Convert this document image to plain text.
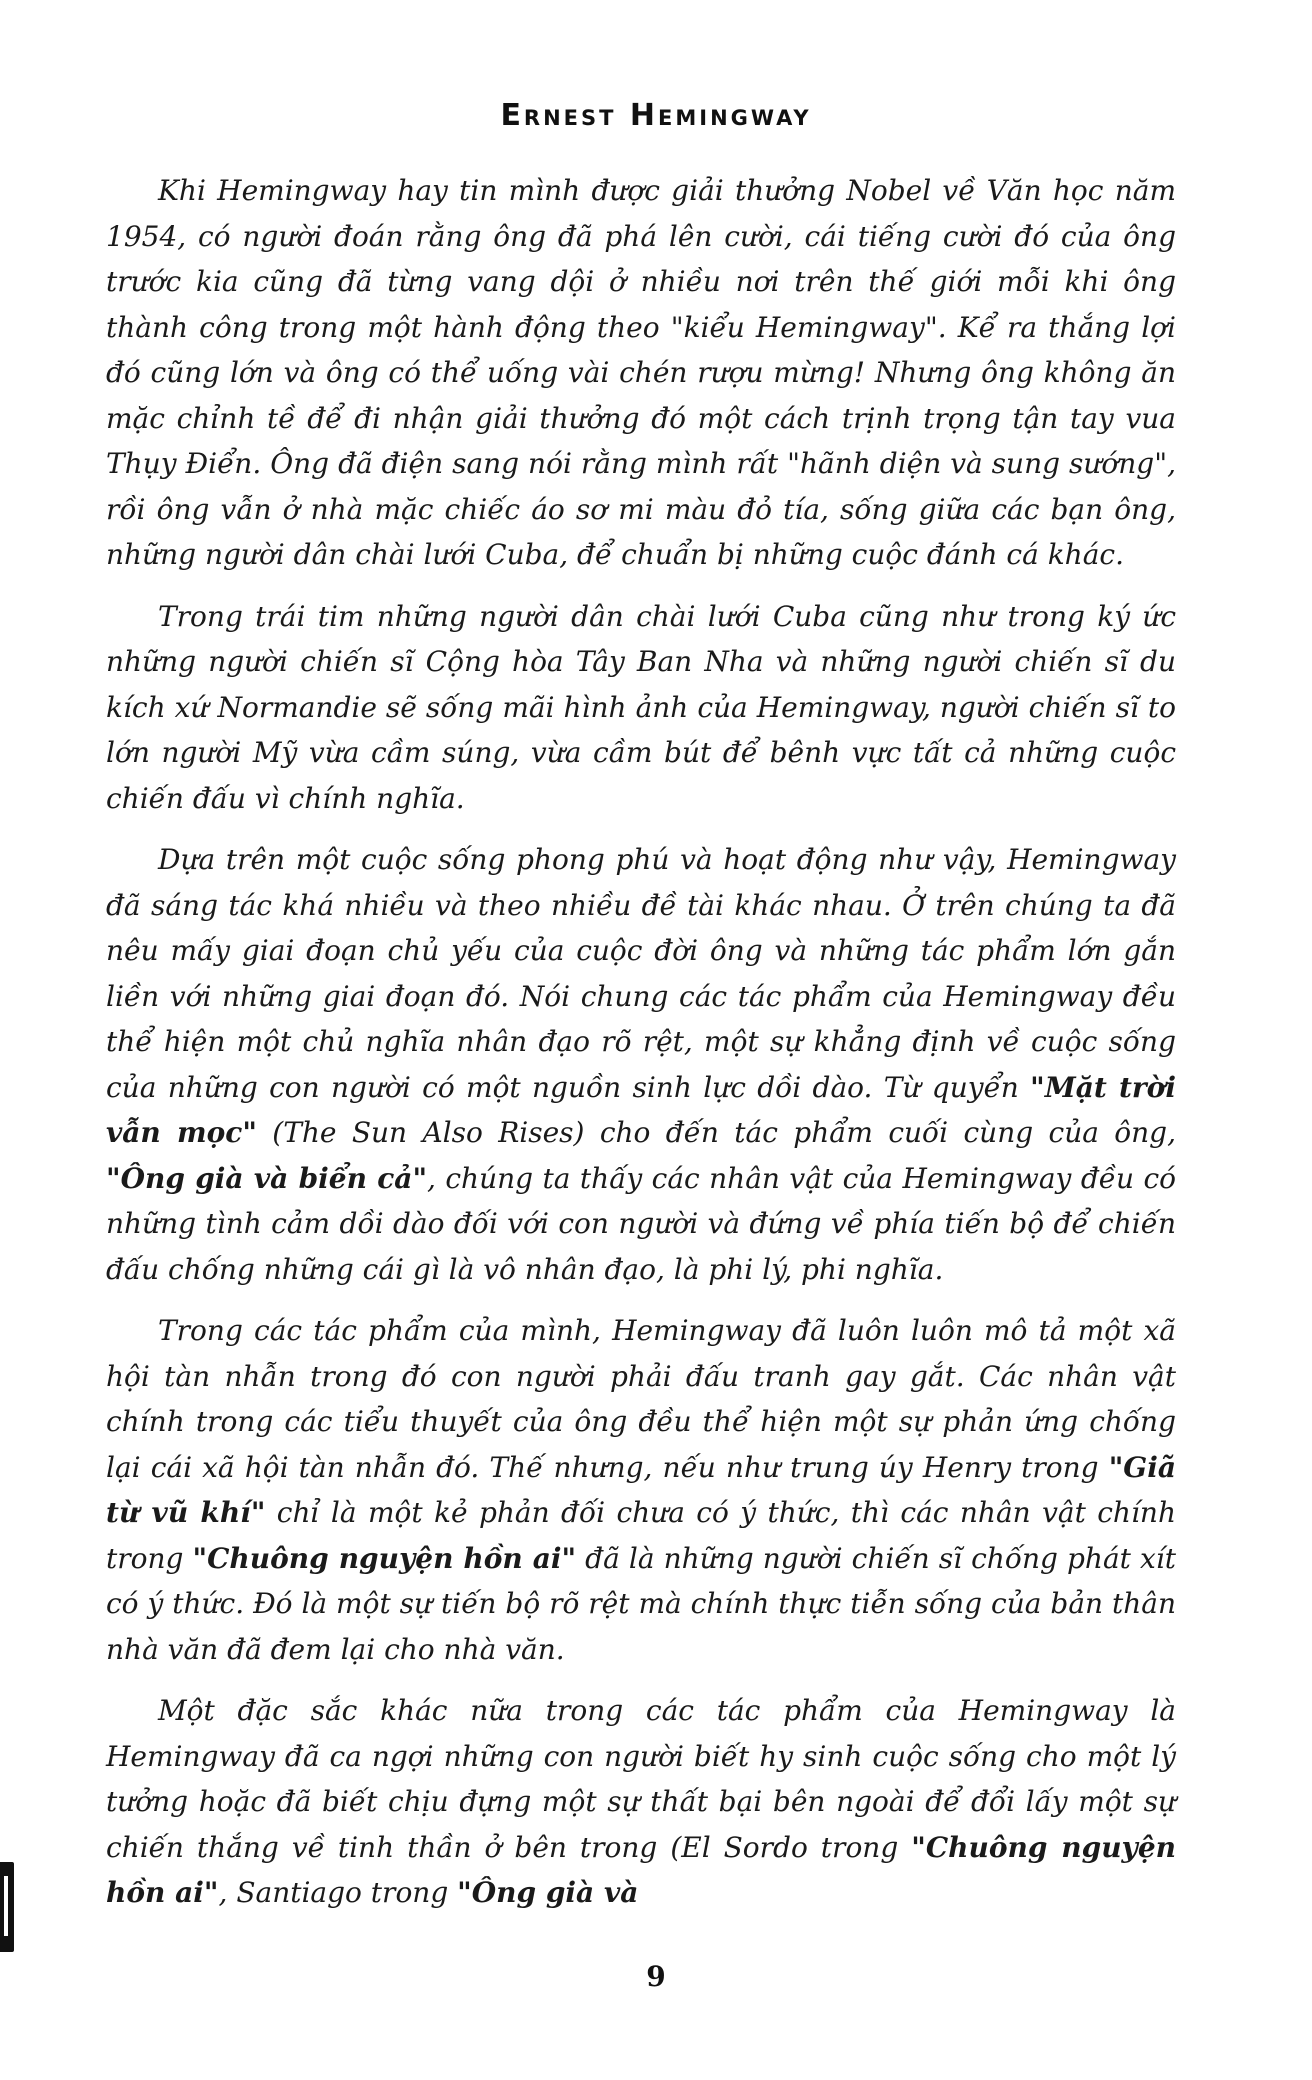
Ernest Hemingway

Khi Hemingway hay tin mình được giải thưởng Nobel về Văn học năm 1954, có người đoán rằng ông đã phá lên cười, cái tiếng cười đó của ông trước kia cũng đã từng vang dội ở nhiều nơi trên thế giới mỗi khi ông thành công trong một hành động theo "kiểu Hemingway". Kể ra thắng lợi đó cũng lớn và ông có thể uống vài chén rượu mừng! Nhưng ông không ăn mặc chỉnh tề để đi nhận giải thưởng đó một cách trịnh trọng tận tay vua Thụy Điển. Ông đã điện sang nói rằng mình rất "hãnh diện và sung sướng", rồi ông vẫn ở nhà mặc chiếc áo sơ mi màu đỏ tía, sống giữa các bạn ông, những người dân chài lưới Cuba, để chuẩn bị những cuộc đánh cá khác.

Trong trái tim những người dân chài lưới Cuba cũng như trong ký ức những người chiến sĩ Cộng hòa Tây Ban Nha và những người chiến sĩ du kích xứ Normandie sẽ sống mãi hình ảnh của Hemingway, người chiến sĩ to lớn người Mỹ vừa cầm súng, vừa cầm bút để bênh vực tất cả những cuộc chiến đấu vì chính nghĩa.

Dựa trên một cuộc sống phong phú và hoạt động như vậy, Hemingway đã sáng tác khá nhiều và theo nhiều đề tài khác nhau. Ở trên chúng ta đã nêu mấy giai đoạn chủ yếu của cuộc đời ông và những tác phẩm lớn gắn liền với những giai đoạn đó. Nói chung các tác phẩm của Hemingway đều thể hiện một chủ nghĩa nhân đạo rõ rệt, một sự khẳng định về cuộc sống của những con người có một nguồn sinh lực dồi dào. Từ quyển "Mặt trời vẫn mọc" (The Sun Also Rises) cho đến tác phẩm cuối cùng của ông, "Ông già và biển cả", chúng ta thấy các nhân vật của Hemingway đều có những tình cảm dồi dào đối với con người và đứng về phía tiến bộ để chiến đấu chống những cái gì là vô nhân đạo, là phi lý, phi nghĩa.

Trong các tác phẩm của mình, Hemingway đã luôn luôn mô tả một xã hội tàn nhẫn trong đó con người phải đấu tranh gay gắt. Các nhân vật chính trong các tiểu thuyết của ông đều thể hiện một sự phản ứng chống lại cái xã hội tàn nhẫn đó. Thế nhưng, nếu như trung úy Henry trong "Giã từ vũ khí" chỉ là một kẻ phản đối chưa có ý thức, thì các nhân vật chính trong "Chuông nguyện hồn ai" đã là những người chiến sĩ chống phát xít có ý thức. Đó là một sự tiến bộ rõ rệt mà chính thực tiễn sống của bản thân nhà văn đã đem lại cho nhà văn.

Một đặc sắc khác nữa trong các tác phẩm của Hemingway là Hemingway đã ca ngợi những con người biết hy sinh cuộc sống cho một lý tưởng hoặc đã biết chịu đựng một sự thất bại bên ngoài để đổi lấy một sự chiến thắng về tinh thần ở bên trong (El Sordo trong "Chuông nguyện hồn ai", Santiago trong "Ông già và

9
